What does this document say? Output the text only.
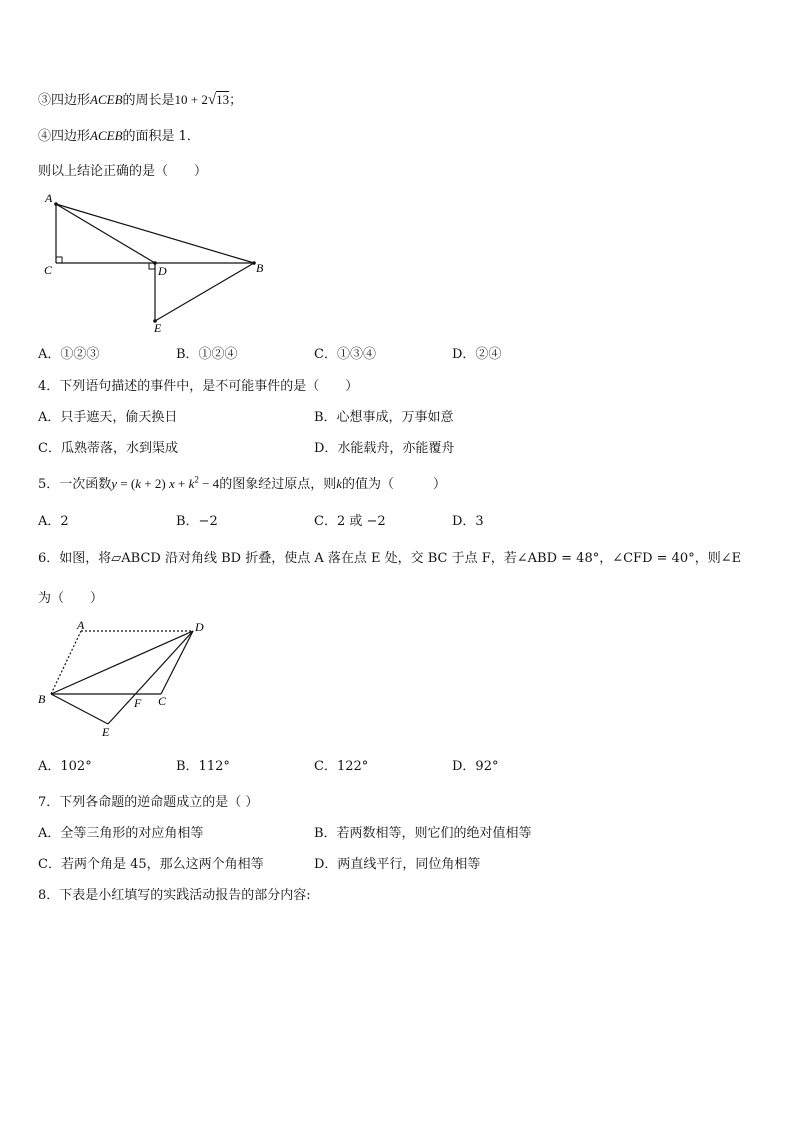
③四边形ACEB的周长是10 + 2√13；
④四边形ACEB的面积是 1．
则以上结论正确的是（　　）
A
C	D	B
E
A．①②③	B．①②④	C．①③④	D．②④
4．下列语句描述的事件中，是不可能事件的是（　　）
A．只手遮天，偷天换日	B．心想事成，万事如意
C．瓜熟蒂落，水到渠成	D．水能载舟，亦能覆舟
5．一次函数y = (k + 2) $x + k^2 - 4$的图象经过原点，则k的值为（　　　）
A．2	B．−2	C．2 或 −2	D．3
6．如图，将▱ABCD 沿对角线 BD 折叠，使点 A 落在点 E 处，交 BC 于点 F，若∠ABD = 48°，∠CFD = 40°，则∠E
为（　　）
A	D
B	F C
E
A．102°	B．112°	C．122°	D．92°
7．下列各命题的逆命题成立的是（ ）
A．全等三角形的对应角相等	B．若两数相等，则它们的绝对值相等
C．若两个角是 45，那么这两个角相等	D．两直线平行，同位角相等
8．下表是小红填写的实践活动报告的部分内容:
